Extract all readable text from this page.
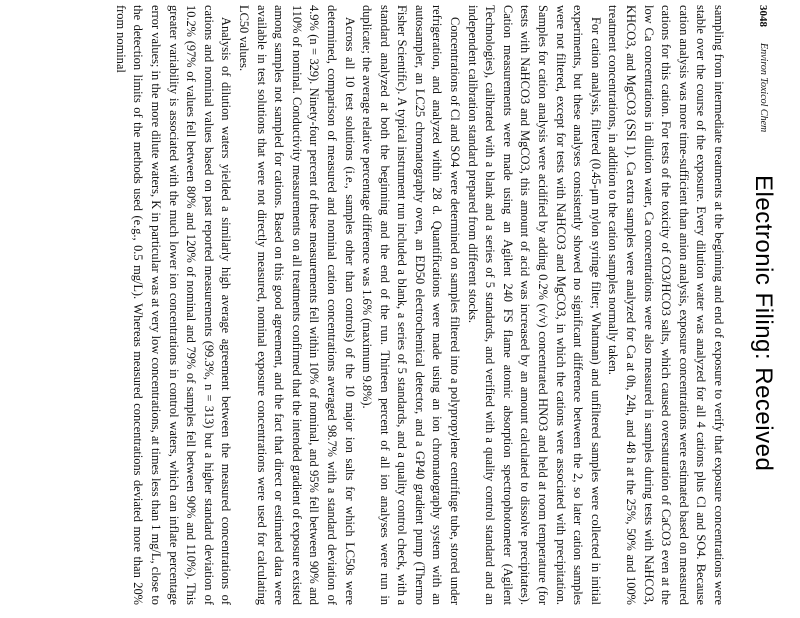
3048
Environ Toxicol Chem
Electronic Filing: Received

sampling from intermediate treatments at the beginning and end of exposure to verify that exposure concentrations were stable over the course of the exposure. Every dilution water was analyzed for all 4 cations plus Cl and SO4. Because cation analysis was more time-sufficient than anion analysis, exposure concentrations were estimated based on measured cations for this cation. For tests of the toxicity of CO3/HCO3 salts, which caused oversaturation of CaCO3 even at the low Ca concentrations in dilution water, Ca concentrations were also measured in samples during tests with NaHCO3, KHCO3, and MgCO3 (SSI 1). Ca extra samples were analyzed for Ca at 0h, 24h, and 48 h at the 25%, 50% and 100% treatment concentrations, in addition to the cation samples normally taken.

For cation analysis, filtered (0.45-μm nylon syringe filter; Whatman) and unfiltered samples were collected in initial experiments, but these analyses consistently showed no significant difference between the 2, so later cation samples were not filtered, except for tests with NaHCO3 and MgCO3, in which the cations were associated with precipitation. Samples for cation analysis were acidified by adding 0.2% (v/v) concentrated HNO3 and held at room temperature (for tests with NaHCO3 and MgCO3, this amount of acid was increased by an amount calculated to dissolve precipitates). Cation measurements were made using an Agilent 240 FS flame atomic absorption spectrophotometer (Agilent Technologies), calibrated with a blank and a series of 5 standards, and verified with a quality control standard and an independent calibration standard prepared from different stocks.

Concentrations of Cl and SO4 were determined on samples filtered into a polypropylene centrifuge tube, stored under refrigeration, and analyzed within 28 d. Quantifications were made using an ion chromatography system with an autosampler, an LC25 chromatography oven, an ED50 electrochemical detector, and a GP40 gradient pump (Thermo Fisher Scientific). A typical instrument run included a blank, a series of 5 standards, and a quality control check, with a standard analyzed at both the beginning and the end of the run. Thirteen percent of all ion analyses were run in duplicate; the average relative percentage difference was 1.6% (maximum 9.8%).

Across all 10 test solutions (i.e., samples other than controls) of the 10 major ion salts for which LC50s were determined, comparison of measured and nominal cation concentrations averaged 98.7% with a standard deviation of 4.9% (n = 329). Ninety-four percent of these measurements fell within 10% of nominal, and 95% fell between 90% and 110% of nominal. Conductivity measurements on all treatments confirmed that the intended gradient of exposure existed among samples not sampled for cations. Based on this good agreement, and the fact that direct or estimated data were available in test solutions that were not directly measured, nominal exposure concentrations were used for calculating LC50 values.

Analysis of dilution waters yielded a similarly high average agreement between the measured concentrations of cations and nominal values based on past reported measurements (99.3%, n = 313) but a higher standard deviation of 10.2% (97% of values fell between 80% and 120% of nominal and 79% of samples fell between 90% and 110%). This greater variability is associated with the much lower ion concentrations in control waters, which can inflate percentage error values; in the more dilute waters, K in particular was at very low concentrations, at times less than 1 mg/L, close to the detection limits of the methods used (e.g., 0.5 mg/L). Whereas measured concentrations deviated more than 20% from nominal
